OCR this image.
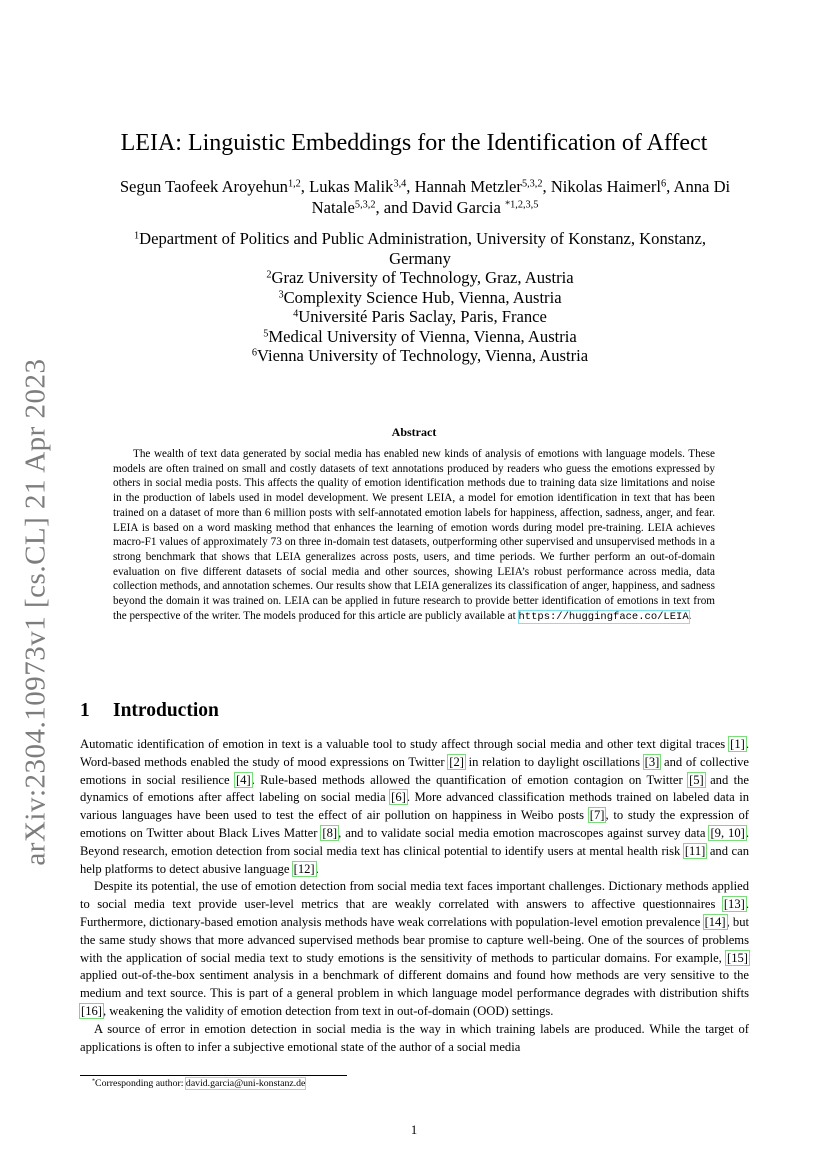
arXiv:2304.10973v1 [cs.CL] 21 Apr 2023
LEIA: Linguistic Embeddings for the Identification of Affect
Segun Taofeek Aroyehun$^{1,2}$, Lukas Malik$^{3,4}$, Hannah Metzler$^{5,3,2}$, Nikolas Haimerl$^6$, Anna Di Natale$^{5,3,2}$, and David Garcia $^{*1,2,3,5}$
$^1$Department of Politics and Public Administration, University of Konstanz, Konstanz,
Germany
$^2$Graz University of Technology, Graz, Austria
$^3$Complexity Science Hub, Vienna, Austria
$^4$Université Paris Saclay, Paris, France
$^5$Medical University of Vienna, Vienna, Austria
$^6$Vienna University of Technology, Vienna, Austria
Abstract

The wealth of text data generated by social media has enabled new kinds of analysis of emotions with language models. These models are often trained on small and costly datasets of text annotations produced by readers who guess the emotions expressed by others in social media posts. This affects the quality of emotion identification methods due to training data size limitations and noise in the production of labels used in model development. We present LEIA, a model for emotion identification in text that has been trained on a dataset of more than 6 million posts with self-annotated emotion labels for happiness, affection, sadness, anger, and fear. LEIA is based on a word masking method that enhances the learning of emotion words during model pre-training. LEIA achieves macro-F1 values of approximately 73 on three in-domain test datasets, outperforming other supervised and unsupervised methods in a strong benchmark that shows that LEIA generalizes across posts, users, and time periods. We further perform an out-of-domain evaluation on five different datasets of social media and other sources, showing LEIA’s robust performance across media, data collection methods, and annotation schemes. Our results show that LEIA generalizes its classification of anger, happiness, and sadness beyond the domain it was trained on. LEIA can be applied in future research to provide better identification of emotions in text from the perspective of the writer. The models produced for this article are publicly available at https://huggingface.co/LEIA.

1 Introduction

Automatic identification of emotion in text is a valuable tool to study affect through social media and other text digital traces [1]. Word-based methods enabled the study of mood expressions on Twitter [2] in relation to daylight oscillations [3] and of collective emotions in social resilience [4]. Rule-based methods allowed the quantification of emotion contagion on Twitter [5] and the dynamics of emotions after affect labeling on social media [6]. More advanced classification methods trained on labeled data in various languages have been used to test the effect of air pollution on happiness in Weibo posts [7], to study the expression of emotions on Twitter about Black Lives Matter [8], and to validate social media emotion macroscopes against survey data [9, 10]. Beyond research, emotion detection from social media text has clinical potential to identify users at mental health risk [11] and can help platforms to detect abusive language [12].

Despite its potential, the use of emotion detection from social media text faces important challenges. Dictionary methods applied to social media text provide user-level metrics that are weakly correlated with answers to affective questionnaires [13]. Furthermore, dictionary-based emotion analysis methods have weak correlations with population-level emotion prevalence [14], but the same study shows that more advanced supervised methods bear promise to capture well-being. One of the sources of problems with the application of social media text to study emotions is the sensitivity of methods to particular domains. For example, [15] applied out-of-the-box sentiment analysis in a benchmark of different domains and found how methods are very sensitive to the medium and text source. This is part of a general problem in which language model performance degrades with distribution shifts [16], weakening the validity of emotion detection from text in out-of-domain (OOD) settings.

A source of error in emotion detection in social media is the way in which training labels are produced. While the target of applications is often to infer a subjective emotional state of the author of a social media

*Corresponding author: david.garcia@uni-konstanz.de
1
